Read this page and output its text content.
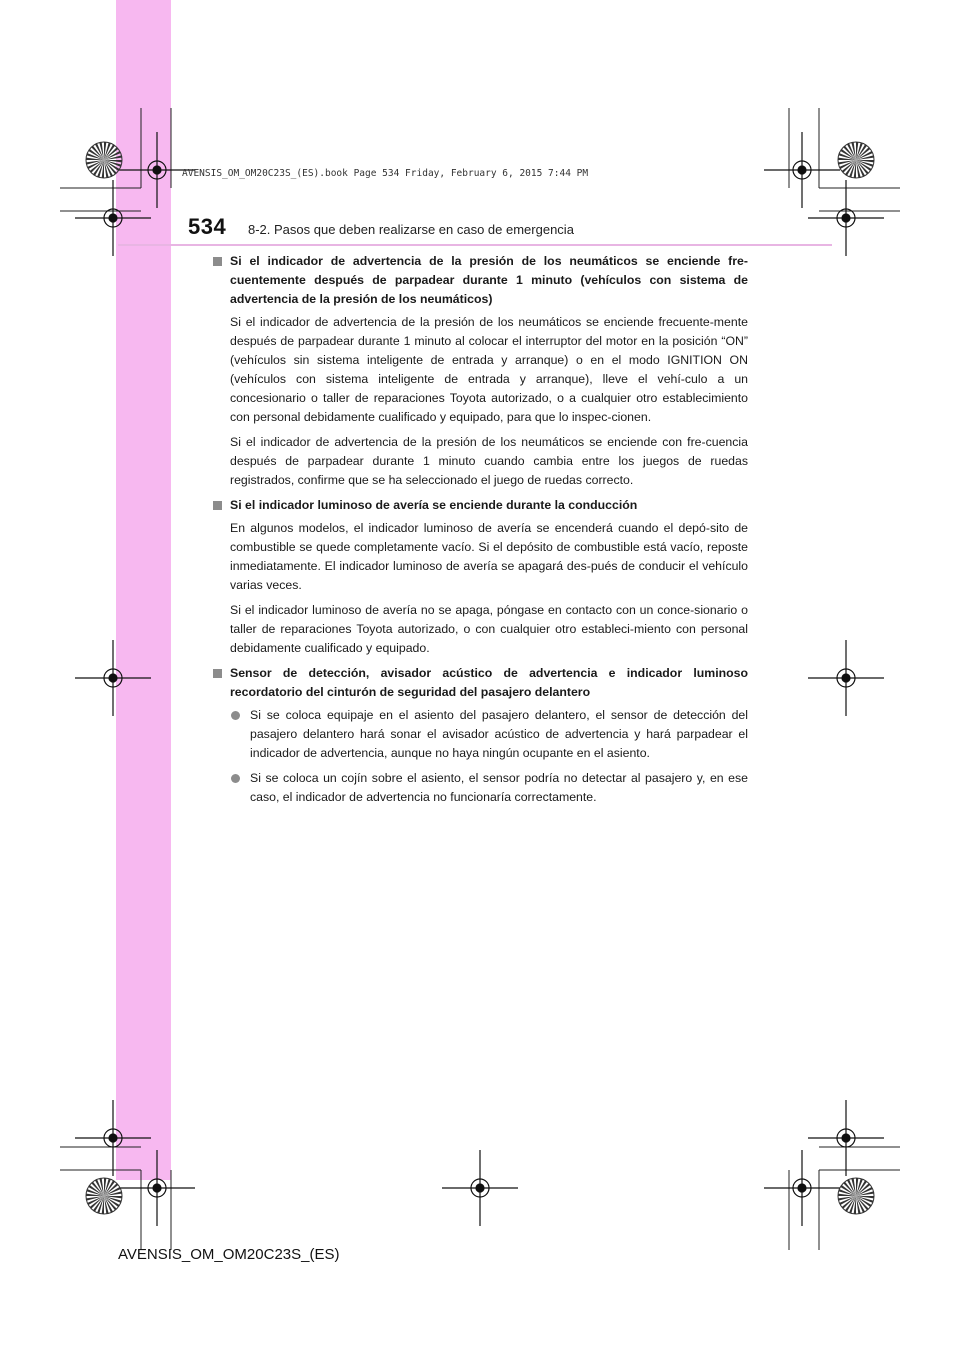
AVENSIS_OM_OM20C23S_(ES).book Page 534 Friday, February 6, 2015 7:44 PM
534 8-2. Pasos que deben realizarse en caso de emergencia
Si el indicador de advertencia de la presión de los neumáticos se enciende fre-cuentemente después de parpadear durante 1 minuto (vehículos con sistema de advertencia de la presión de los neumáticos)

Si el indicador de advertencia de la presión de los neumáticos se enciende frecuente-mente después de parpadear durante 1 minuto al colocar el interruptor del motor en la posición “ON” (vehículos sin sistema inteligente de entrada y arranque) o en el modo IGNITION ON (vehículos con sistema inteligente de entrada y arranque), lleve el vehí-culo a un concesionario o taller de reparaciones Toyota autorizado, o a cualquier otro establecimiento con personal debidamente cualificado y equipado, para que lo inspec-cionen.

Si el indicador de advertencia de la presión de los neumáticos se enciende con fre-cuencia después de parpadear durante 1 minuto cuando cambia entre los juegos de ruedas registrados, confirme que se ha seleccionado el juego de ruedas correcto.

Si el indicador luminoso de avería se enciende durante la conducción

En algunos modelos, el indicador luminoso de avería se encenderá cuando el depó-sito de combustible se quede completamente vacío. Si el depósito de combustible está vacío, reposte inmediatamente. El indicador luminoso de avería se apagará des-pués de conducir el vehículo varias veces.

Si el indicador luminoso de avería no se apaga, póngase en contacto con un conce-sionario o taller de reparaciones Toyota autorizado, o con cualquier otro estableci-miento con personal debidamente cualificado y equipado.

Sensor de detección, avisador acústico de advertencia e indicador luminoso recordatorio del cinturón de seguridad del pasajero delantero
Si se coloca equipaje en el asiento del pasajero delantero, el sensor de detección del pasajero delantero hará sonar el avisador acústico de advertencia y hará parpadear el indicador de advertencia, aunque no haya ningún ocupante en el asiento.
Si se coloca un cojín sobre el asiento, el sensor podría no detectar al pasajero y, en ese caso, el indicador de advertencia no funcionaría correctamente.
AVENSIS_OM_OM20C23S_(ES)
